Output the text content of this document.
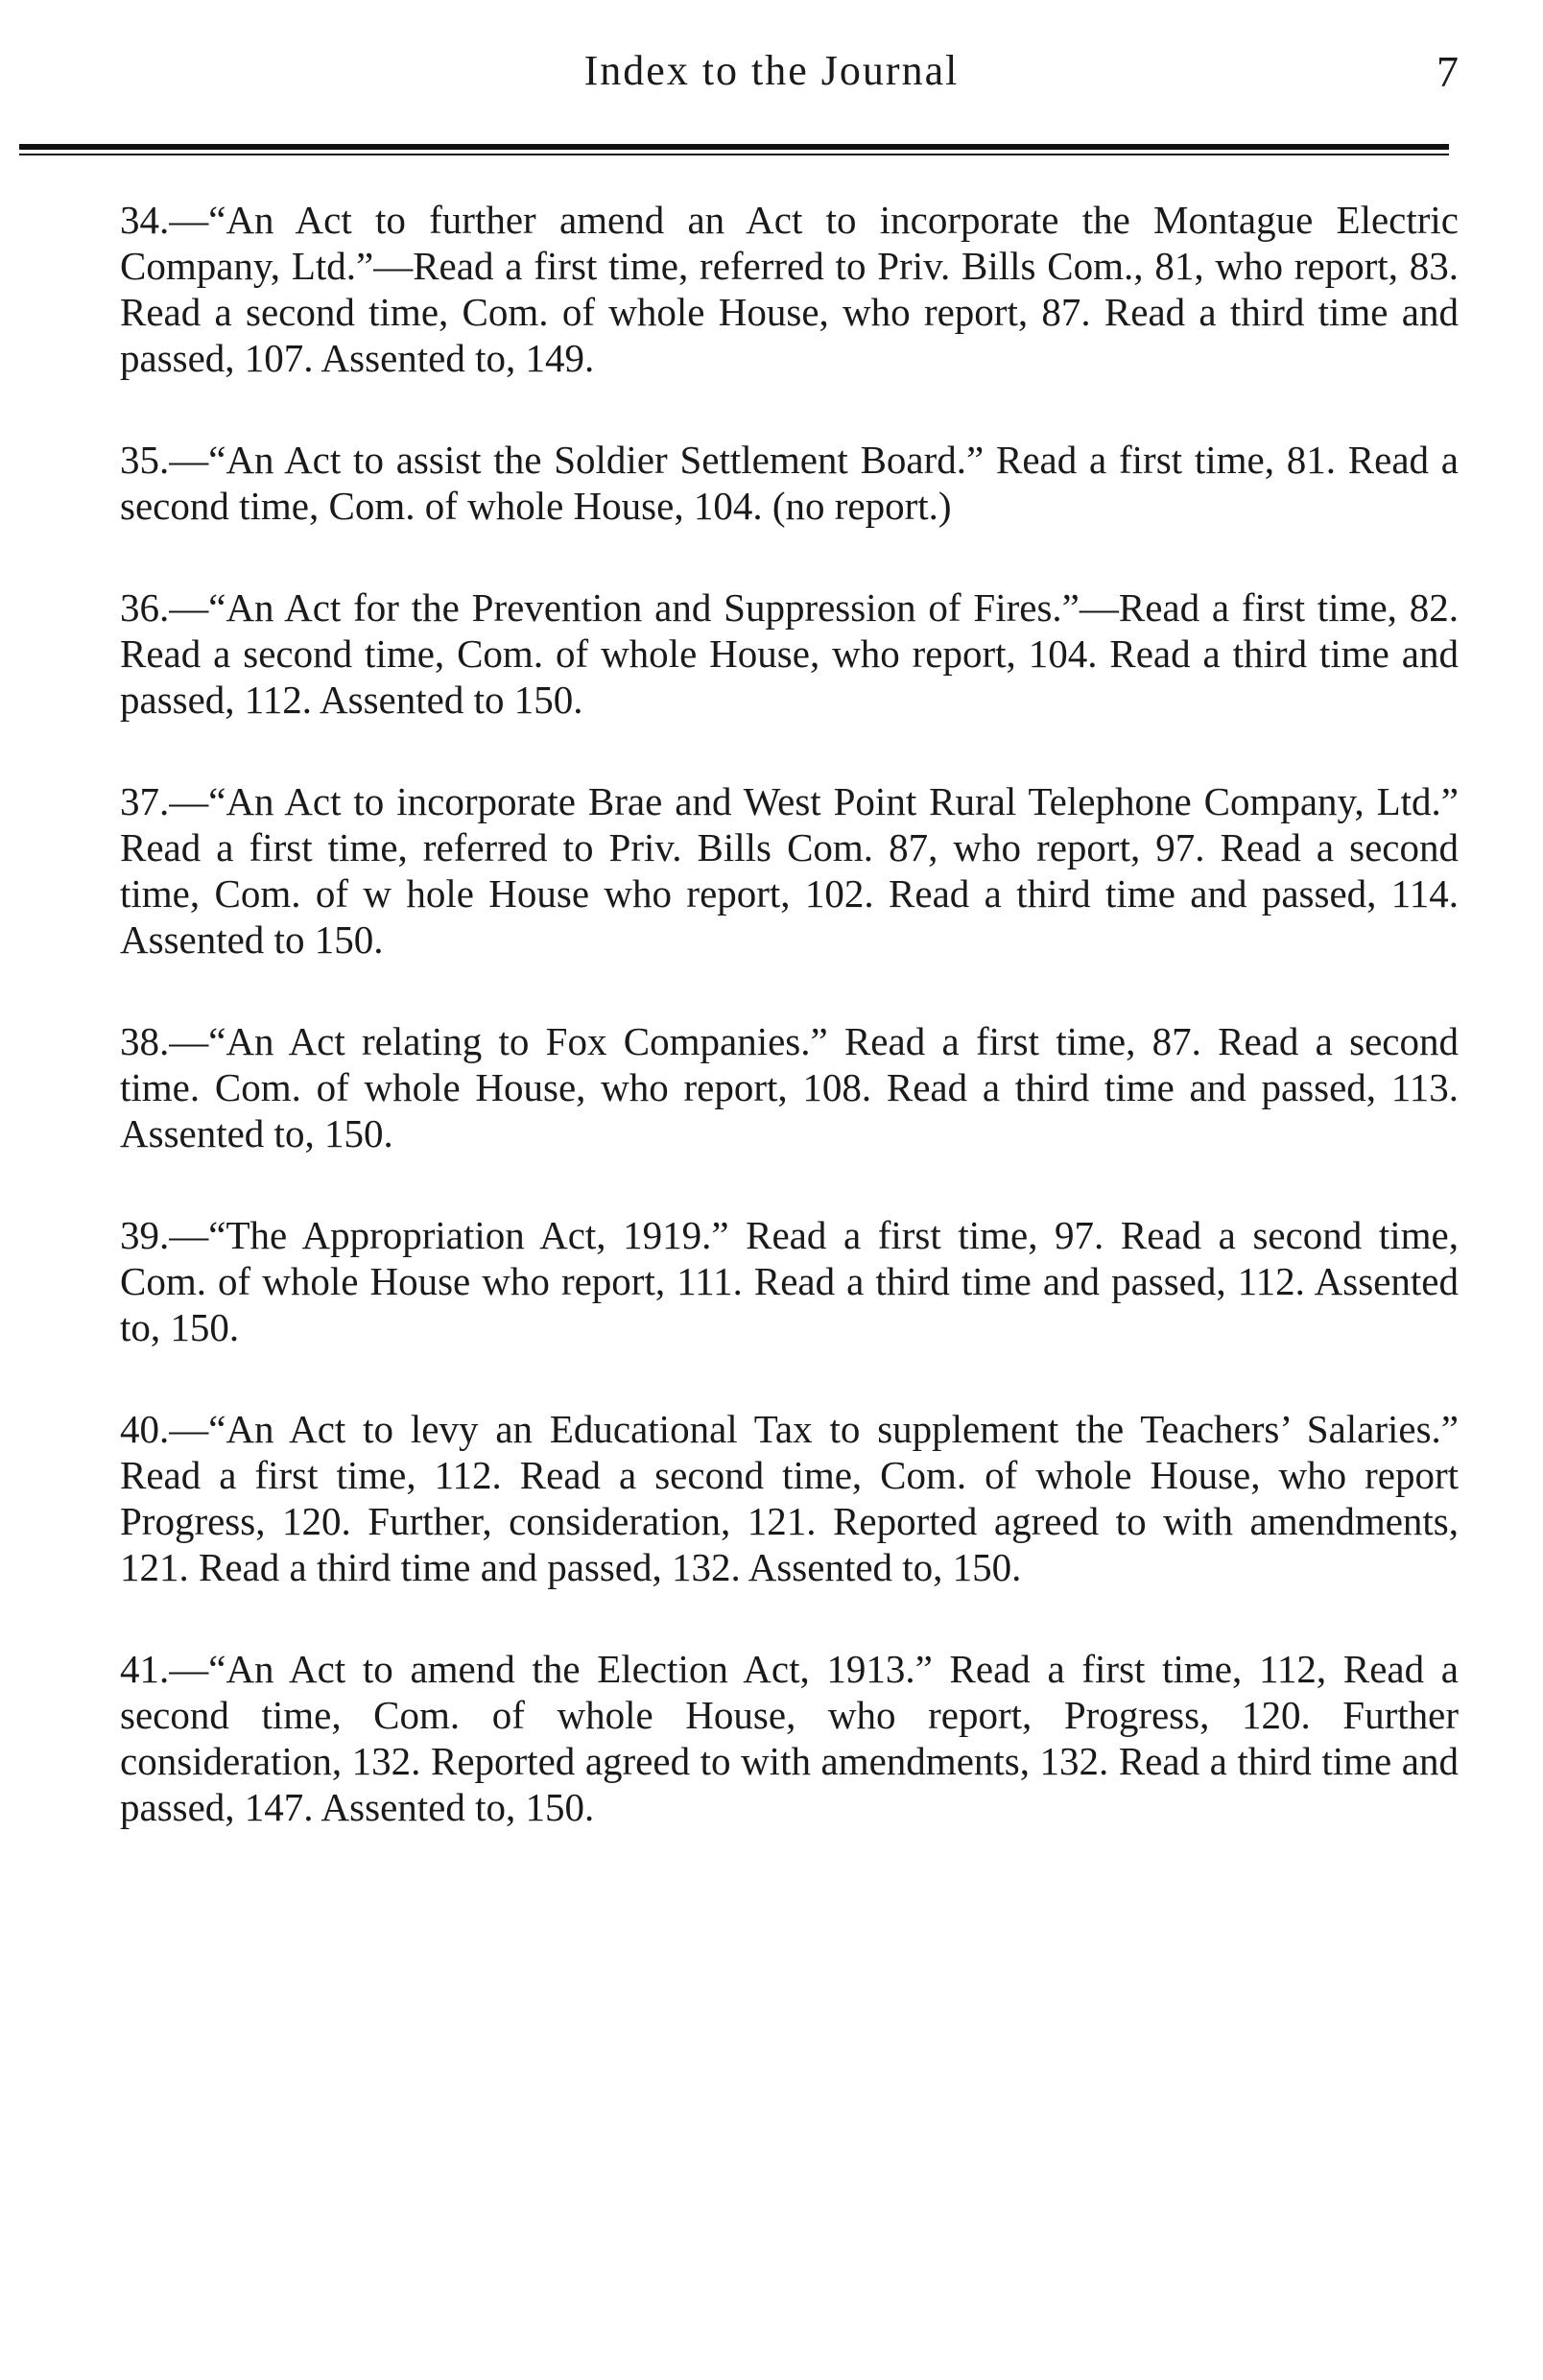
Index to the Journal	7

34.—“An Act to further amend an Act to incorporate the Montague Electric Company, Ltd.”—Read a first time, referred to Priv. Bills Com., 81, who report, 83. Read a second time, Com. of whole House, who report, 87. Read a third time and passed, 107. Assented to, 149.

35.—“An Act to assist the Soldier Settlement Board.” Read a first time, 81. Read a second time, Com. of whole House, 104. (no report.)

36.—“An Act for the Prevention and Suppression of Fires.”—Read a first time, 82. Read a second time, Com. of whole House, who report, 104. Read a third time and passed, 112. Assented to 150.

37.—“An Act to incorporate Brae and West Point Rural Telephone Company, Ltd.” Read a first time, referred to Priv. Bills Com. 87, who report, 97. Read a second time, Com. of w hole House who report, 102. Read a third time and passed, 114. Assented to 150.

38.—“An Act relating to Fox Companies.” Read a first time, 87. Read a second time. Com. of whole House, who report, 108. Read a third time and passed, 113. Assented to, 150.

39.—“The Appropriation Act, 1919.” Read a first time, 97. Read a second time, Com. of whole House who report, 111. Read a third time and passed, 112. Assented to, 150.

40.—“An Act to levy an Educational Tax to supplement the Teachers’ Salaries.” Read a first time, 112. Read a second time, Com. of whole House, who report Progress, 120. Further, consideration, 121. Reported agreed to with amendments, 121. Read a third time and passed, 132. Assented to, 150.

41.—“An Act to amend the Election Act, 1913.” Read a first time, 112, Read a second time, Com. of whole House, who report, Progress, 120. Further consideration, 132. Reported agreed to with amendments, 132. Read a third time and passed, 147. Assented to, 150.
